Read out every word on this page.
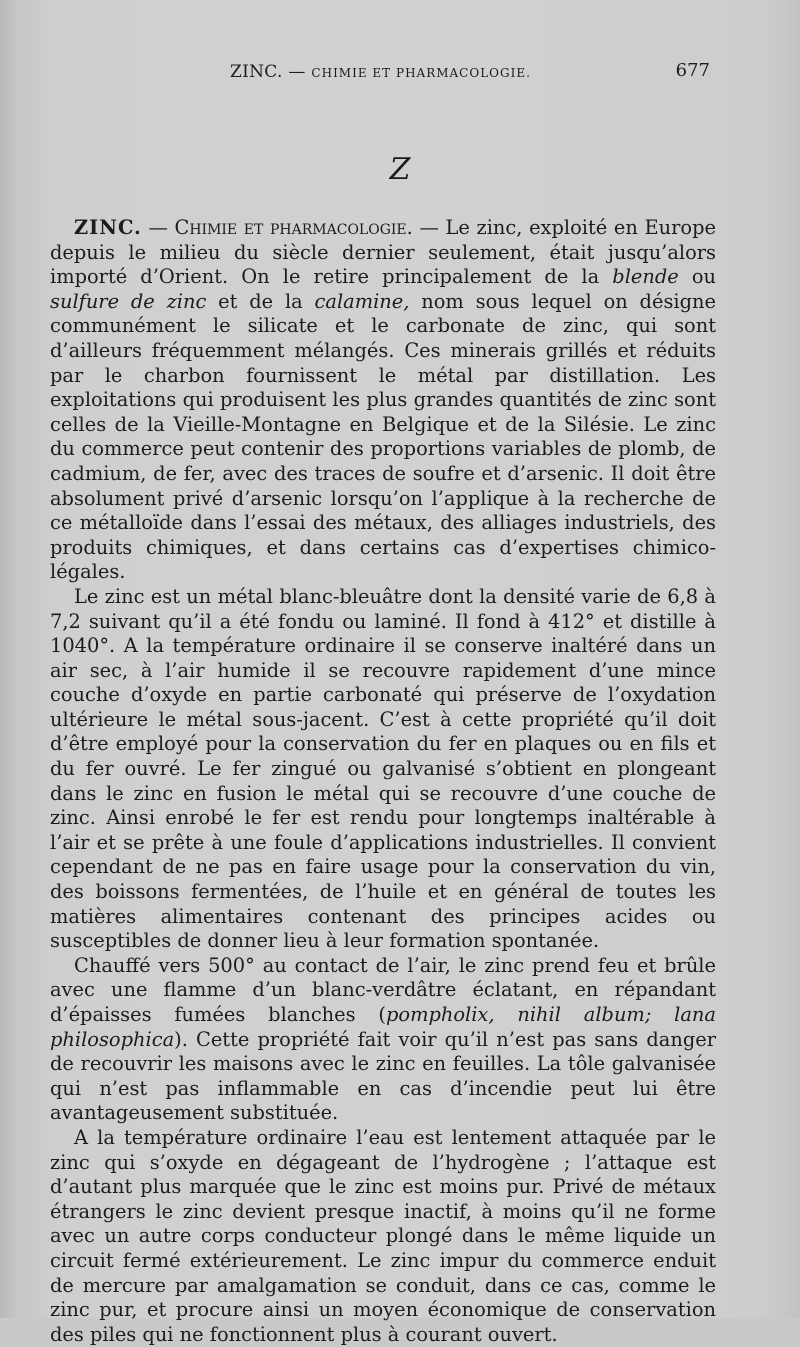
ZINC. — CHIMIE ET PHARMACOLOGIE.	677
Z

ZINC. — Chimie et pharmacologie. — Le zinc, exploité en Europe depuis le milieu du siècle dernier seulement, était jusqu’alors importé d’Orient. On le retire principalement de la blende ou sulfure de zinc et de la calamine, nom sous lequel on désigne communément le silicate et le carbonate de zinc, qui sont d’ailleurs fréquemment mélangés. Ces minerais grillés et réduits par le charbon fournissent le métal par distillation. Les exploitations qui produisent les plus grandes quantités de zinc sont celles de la Vieille-Montagne en Belgique et de la Silésie. Le zinc du commerce peut contenir des proportions variables de plomb, de cadmium, de fer, avec des traces de soufre et d’arsenic. Il doit être absolument privé d’arsenic lorsqu’on l’applique à la recherche de ce métalloïde dans l’essai des métaux, des alliages industriels, des produits chimiques, et dans certains cas d’expertises chimico-légales.

Le zinc est un métal blanc-bleuâtre dont la densité varie de 6,8 à 7,2 suivant qu’il a été fondu ou laminé. Il fond à 412° et distille à 1040°. A la température ordinaire il se conserve inaltéré dans un air sec, à l’air humide il se recouvre rapidement d’une mince couche d’oxyde en partie carbonaté qui préserve de l’oxydation ultérieure le métal sous-jacent. C’est à cette propriété qu’il doit d’être employé pour la conservation du fer en plaques ou en fils et du fer ouvré. Le fer zingué ou galvanisé s’obtient en plongeant dans le zinc en fusion le métal qui se recouvre d’une couche de zinc. Ainsi enrobé le fer est rendu pour longtemps inaltérable à l’air et se prête à une foule d’applications industrielles. Il convient cependant de ne pas en faire usage pour la conservation du vin, des boissons fermentées, de l’huile et en général de toutes les matières alimentaires contenant des principes acides ou susceptibles de donner lieu à leur formation spontanée.

Chauffé vers 500° au contact de l’air, le zinc prend feu et brûle avec une flamme d’un blanc-verdâtre éclatant, en répandant d’épaisses fumées blanches (pompholix, nihil album; lana philosophica). Cette propriété fait voir qu’il n’est pas sans danger de recouvrir les maisons avec le zinc en feuilles. La tôle galvanisée qui n’est pas inflammable en cas d’incendie peut lui être avantageusement substituée.

A la température ordinaire l’eau est lentement attaquée par le zinc qui s’oxyde en dégageant de l’hydrogène ; l’attaque est d’autant plus marquée que le zinc est moins pur. Privé de métaux étrangers le zinc devient presque inactif, à moins qu’il ne forme avec un autre corps conducteur plongé dans le même liquide un circuit fermé extérieurement. Le zinc impur du commerce enduit de mercure par amalgamation se conduit, dans ce cas, comme le zinc pur, et procure ainsi un moyen économique de conservation des piles qui ne fonctionnent plus à courant ouvert.
